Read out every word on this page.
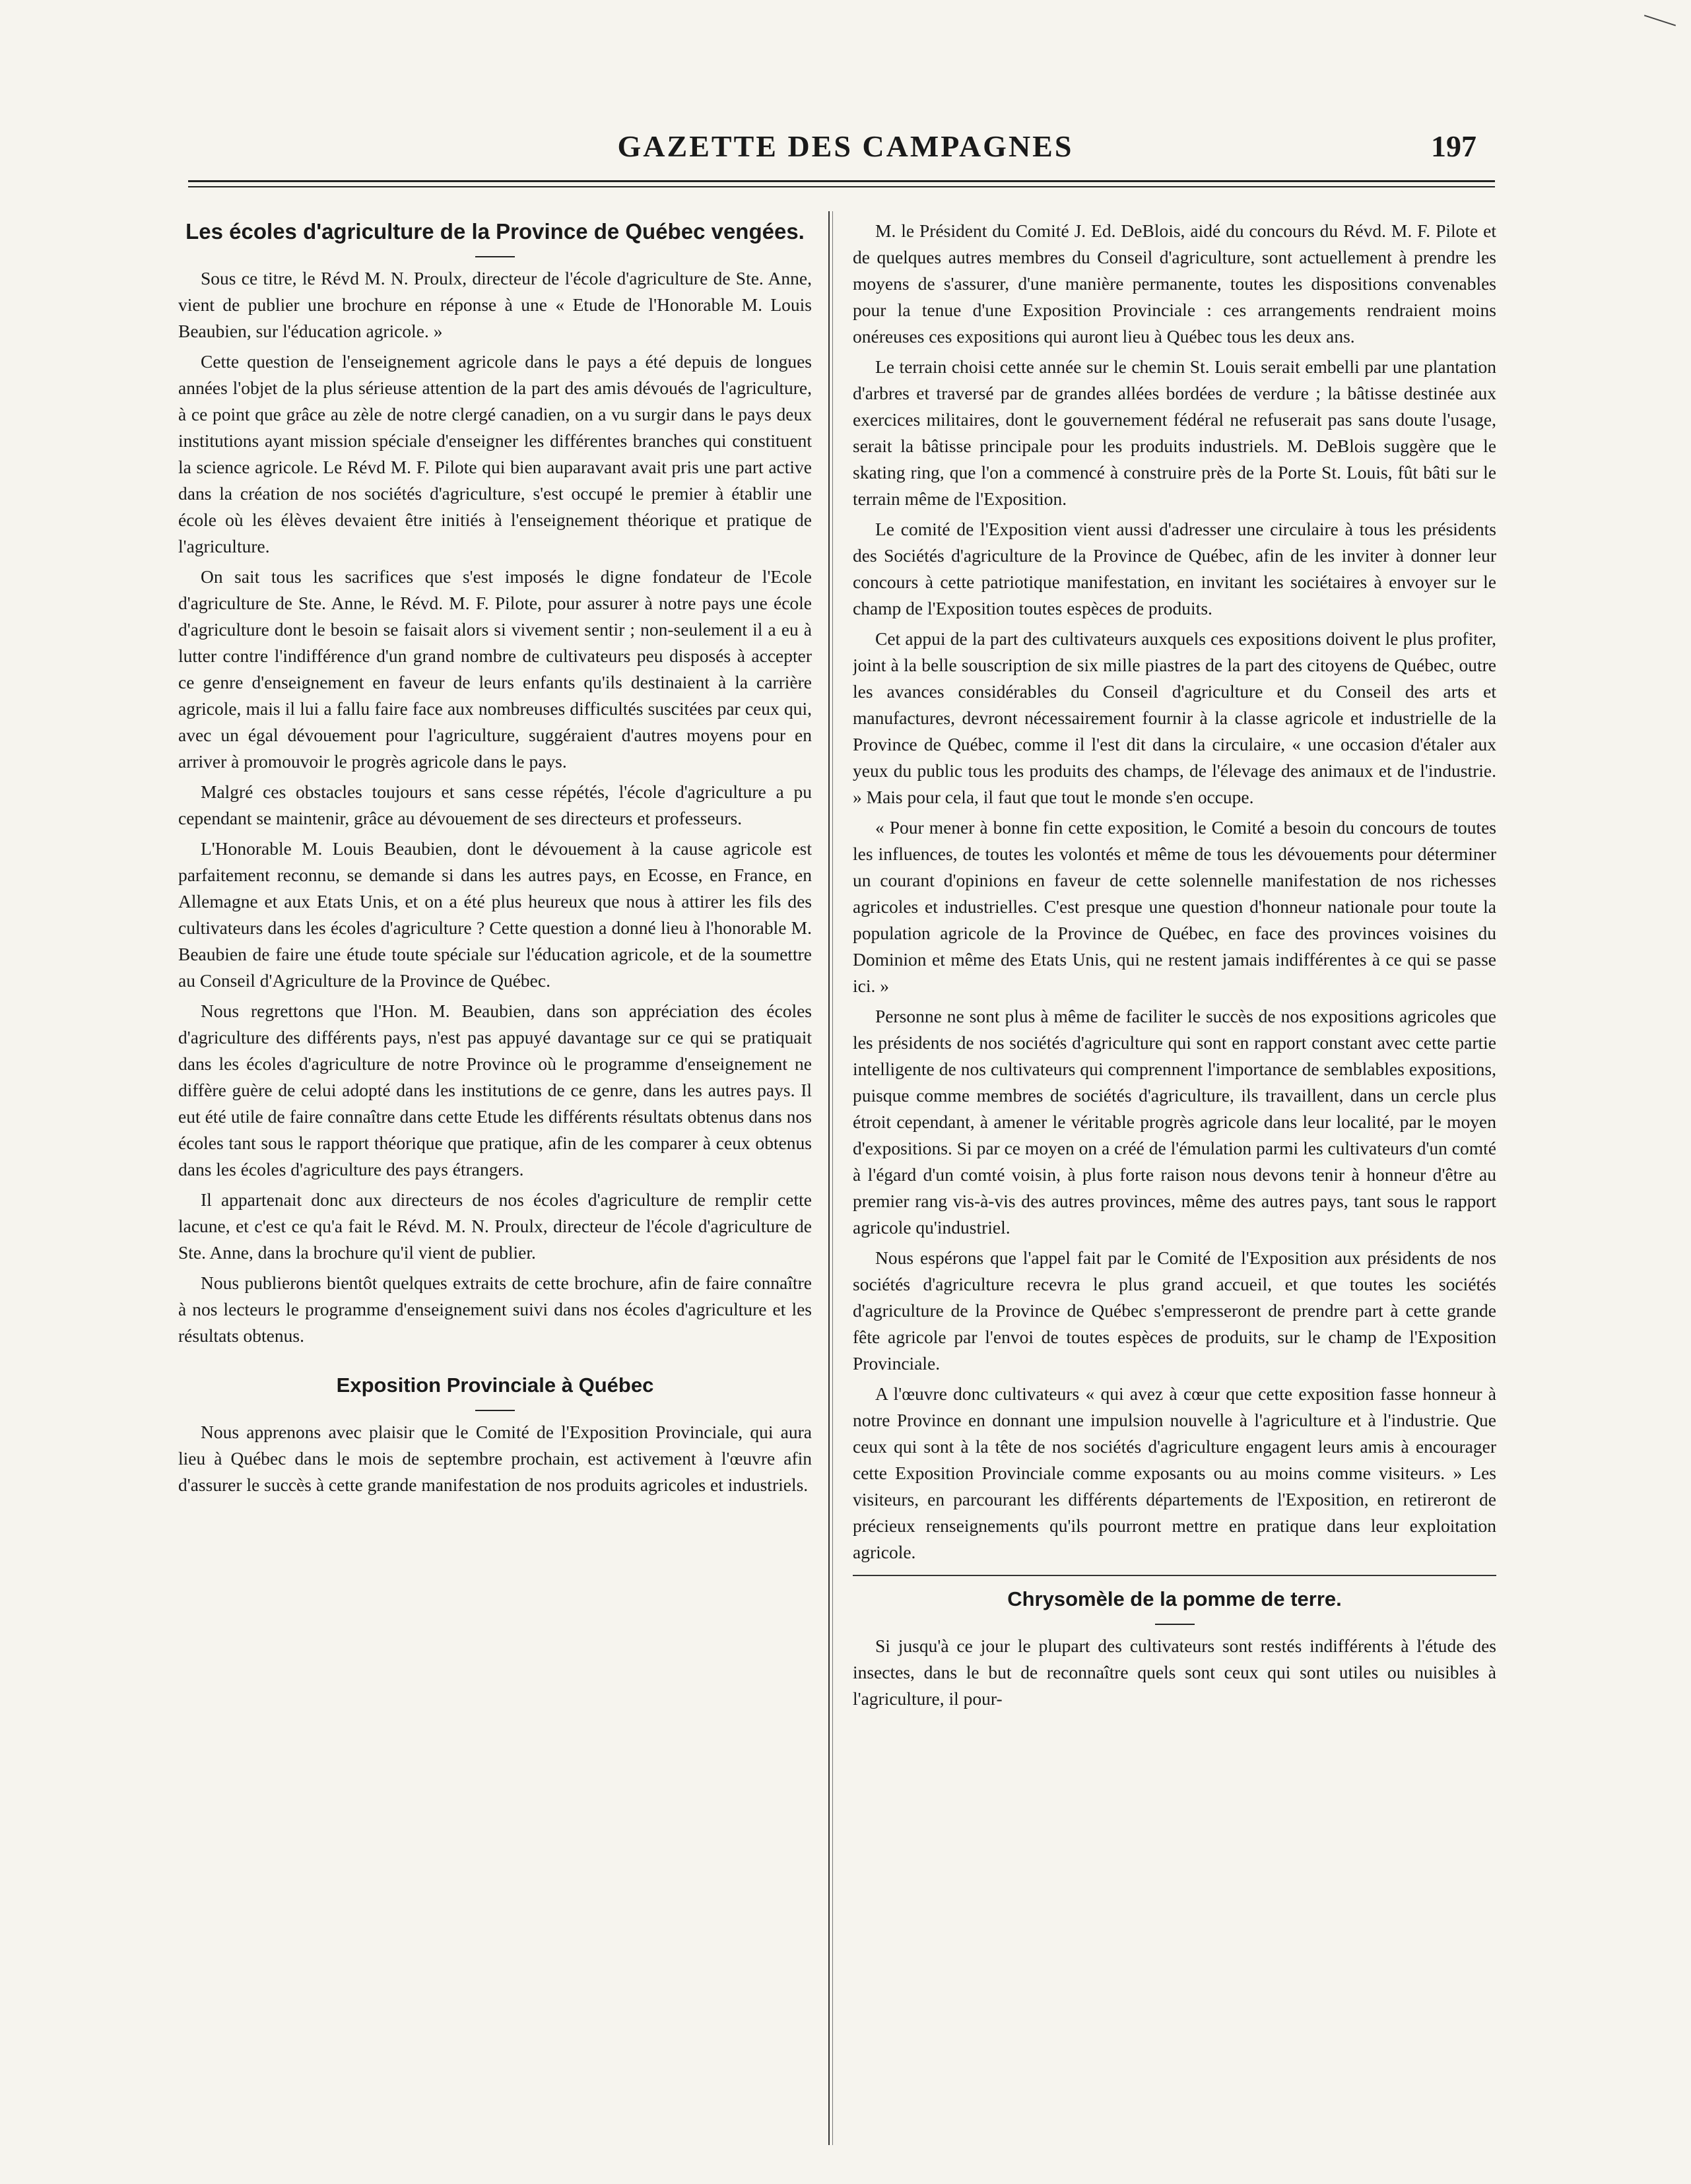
GAZETTE DES CAMPAGNES	197
Les écoles d'agriculture de la Province de Québec vengées.

Sous ce titre, le Révd M. N. Proulx, directeur de l'école d'agriculture de Ste. Anne, vient de publier une brochure en réponse à une « Etude de l'Honorable M. Louis Beaubien, sur l'éducation agricole. »

Cette question de l'enseignement agricole dans le pays a été depuis de longues années l'objet de la plus sérieuse attention de la part des amis dévoués de l'agriculture, à ce point que grâce au zèle de notre clergé canadien, on a vu surgir dans le pays deux institutions ayant mission spéciale d'enseigner les différentes branches qui constituent la science agricole. Le Révd M. F. Pilote qui bien auparavant avait pris une part active dans la création de nos sociétés d'agriculture, s'est occupé le premier à établir une école où les élèves devaient être initiés à l'enseignement théorique et pratique de l'agriculture.

On sait tous les sacrifices que s'est imposés le digne fondateur de l'Ecole d'agriculture de Ste. Anne, le Révd. M. F. Pilote, pour assurer à notre pays une école d'agriculture dont le besoin se faisait alors si vivement sentir ; non-seulement il a eu à lutter contre l'indifférence d'un grand nombre de cultivateurs peu disposés à accepter ce genre d'enseignement en faveur de leurs enfants qu'ils destinaient à la carrière agricole, mais il lui a fallu faire face aux nombreuses difficultés suscitées par ceux qui, avec un égal dévouement pour l'agriculture, suggéraient d'autres moyens pour en arriver à promouvoir le progrès agricole dans le pays.

Malgré ces obstacles toujours et sans cesse répétés, l'école d'agriculture a pu cependant se maintenir, grâce au dévouement de ses directeurs et professeurs.

L'Honorable M. Louis Beaubien, dont le dévouement à la cause agricole est parfaitement reconnu, se demande si dans les autres pays, en Ecosse, en France, en Allemagne et aux Etats Unis, et on a été plus heureux que nous à attirer les fils des cultivateurs dans les écoles d'agriculture ? Cette question a donné lieu à l'honorable M. Beaubien de faire une étude toute spéciale sur l'éducation agricole, et de la soumettre au Conseil d'Agriculture de la Province de Québec.

Nous regrettons que l'Hon. M. Beaubien, dans son appréciation des écoles d'agriculture des différents pays, n'est pas appuyé davantage sur ce qui se pratiquait dans les écoles d'agriculture de notre Province où le programme d'enseignement ne diffère guère de celui adopté dans les institutions de ce genre, dans les autres pays. Il eut été utile de faire connaître dans cette Etude les différents résultats obtenus dans nos écoles tant sous le rapport théorique que pratique, afin de les comparer à ceux obtenus dans les écoles d'agriculture des pays étrangers.

Il appartenait donc aux directeurs de nos écoles d'agriculture de remplir cette lacune, et c'est ce qu'a fait le Révd. M. N. Proulx, directeur de l'école d'agriculture de Ste. Anne, dans la brochure qu'il vient de publier.

Nous publierons bientôt quelques extraits de cette brochure, afin de faire connaître à nos lecteurs le programme d'enseignement suivi dans nos écoles d'agriculture et les résultats obtenus.

Exposition Provinciale à Québec

Nous apprenons avec plaisir que le Comité de l'Exposition Provinciale, qui aura lieu à Québec dans le mois de septembre prochain, est activement à l'œuvre afin d'assurer le succès à cette grande manifestation de nos produits agricoles et industriels.

M. le Président du Comité J. Ed. DeBlois, aidé du concours du Révd. M. F. Pilote et de quelques autres membres du Conseil d'agriculture, sont actuellement à prendre les moyens de s'assurer, d'une manière permanente, toutes les dispositions convenables pour la tenue d'une Exposition Provinciale : ces arrangements rendraient moins onéreuses ces expositions qui auront lieu à Québec tous les deux ans.

Le terrain choisi cette année sur le chemin St. Louis serait embelli par une plantation d'arbres et traversé par de grandes allées bordées de verdure ; la bâtisse destinée aux exercices militaires, dont le gouvernement fédéral ne refuserait pas sans doute l'usage, serait la bâtisse principale pour les produits industriels. M. DeBlois suggère que le skating ring, que l'on a commencé à construire près de la Porte St. Louis, fût bâti sur le terrain même de l'Exposition.

Le comité de l'Exposition vient aussi d'adresser une circulaire à tous les présidents des Sociétés d'agriculture de la Province de Québec, afin de les inviter à donner leur concours à cette patriotique manifestation, en invitant les sociétaires à envoyer sur le champ de l'Exposition toutes espèces de produits.

Cet appui de la part des cultivateurs auxquels ces expositions doivent le plus profiter, joint à la belle souscription de six mille piastres de la part des citoyens de Québec, outre les avances considérables du Conseil d'agriculture et du Conseil des arts et manufactures, devront nécessairement fournir à la classe agricole et industrielle de la Province de Québec, comme il l'est dit dans la circulaire, « une occasion d'étaler aux yeux du public tous les produits des champs, de l'élevage des animaux et de l'industrie. » Mais pour cela, il faut que tout le monde s'en occupe.

« Pour mener à bonne fin cette exposition, le Comité a besoin du concours de toutes les influences, de toutes les volontés et même de tous les dévouements pour déterminer un courant d'opinions en faveur de cette solennelle manifestation de nos richesses agricoles et industrielles. C'est presque une question d'honneur nationale pour toute la population agricole de la Province de Québec, en face des provinces voisines du Dominion et même des Etats Unis, qui ne restent jamais indifférentes à ce qui se passe ici. »

Personne ne sont plus à même de faciliter le succès de nos expositions agricoles que les présidents de nos sociétés d'agriculture qui sont en rapport constant avec cette partie intelligente de nos cultivateurs qui comprennent l'importance de semblables expositions, puisque comme membres de sociétés d'agriculture, ils travaillent, dans un cercle plus étroit cependant, à amener le véritable progrès agricole dans leur localité, par le moyen d'expositions. Si par ce moyen on a créé de l'émulation parmi les cultivateurs d'un comté à l'égard d'un comté voisin, à plus forte raison nous devons tenir à honneur d'être au premier rang vis-à-vis des autres provinces, même des autres pays, tant sous le rapport agricole qu'industriel.

Nous espérons que l'appel fait par le Comité de l'Exposition aux présidents de nos sociétés d'agriculture recevra le plus grand accueil, et que toutes les sociétés d'agriculture de la Province de Québec s'empresseront de prendre part à cette grande fête agricole par l'envoi de toutes espèces de produits, sur le champ de l'Exposition Provinciale.

A l'œuvre donc cultivateurs « qui avez à cœur que cette exposition fasse honneur à notre Province en donnant une impulsion nouvelle à l'agriculture et à l'industrie. Que ceux qui sont à la tête de nos sociétés d'agriculture engagent leurs amis à encourager cette Exposition Provinciale comme exposants ou au moins comme visiteurs. » Les visiteurs, en parcourant les différents départements de l'Exposition, en retireront de précieux renseignements qu'ils pourront mettre en pratique dans leur exploitation agricole.

Chrysomèle de la pomme de terre.

Si jusqu'à ce jour le plupart des cultivateurs sont restés indifférents à l'étude des insectes, dans le but de reconnaître quels sont ceux qui sont utiles ou nuisibles à l'agriculture, il pour-
